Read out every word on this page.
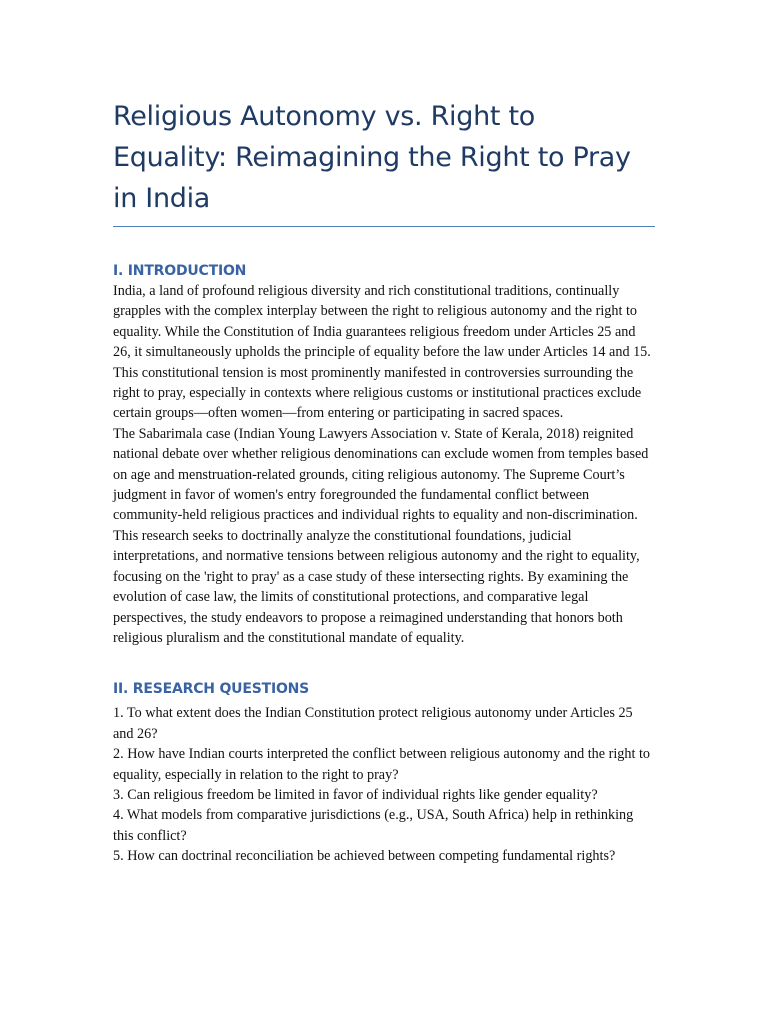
Religious Autonomy vs. Right to Equality: Reimagining the Right to Pray in India
I. INTRODUCTION

India, a land of profound religious diversity and rich constitutional traditions, continually grapples with the complex interplay between the right to religious autonomy and the right to equality. While the Constitution of India guarantees religious freedom under Articles 25 and 26, it simultaneously upholds the principle of equality before the law under Articles 14 and 15. This constitutional tension is most prominently manifested in controversies surrounding the right to pray, especially in contexts where religious customs or institutional practices exclude certain groups—often women—from entering or participating in sacred spaces.

The Sabarimala case (Indian Young Lawyers Association v. State of Kerala, 2018) reignited national debate over whether religious denominations can exclude women from temples based on age and menstruation-related grounds, citing religious autonomy. The Supreme Court’s judgment in favor of women's entry foregrounded the fundamental conflict between community-held religious practices and individual rights to equality and non-discrimination.

This research seeks to doctrinally analyze the constitutional foundations, judicial interpretations, and normative tensions between religious autonomy and the right to equality, focusing on the 'right to pray' as a case study of these intersecting rights. By examining the evolution of case law, the limits of constitutional protections, and comparative legal perspectives, the study endeavors to propose a reimagined understanding that honors both religious pluralism and the constitutional mandate of equality.

II. RESEARCH QUESTIONS
1. To what extent does the Indian Constitution protect religious autonomy under Articles 25 and 26?
2. How have Indian courts interpreted the conflict between religious autonomy and the right to equality, especially in relation to the right to pray?
3. Can religious freedom be limited in favor of individual rights like gender equality?
4. What models from comparative jurisdictions (e.g., USA, South Africa) help in rethinking this conflict?
5. How can doctrinal reconciliation be achieved between competing fundamental rights?
